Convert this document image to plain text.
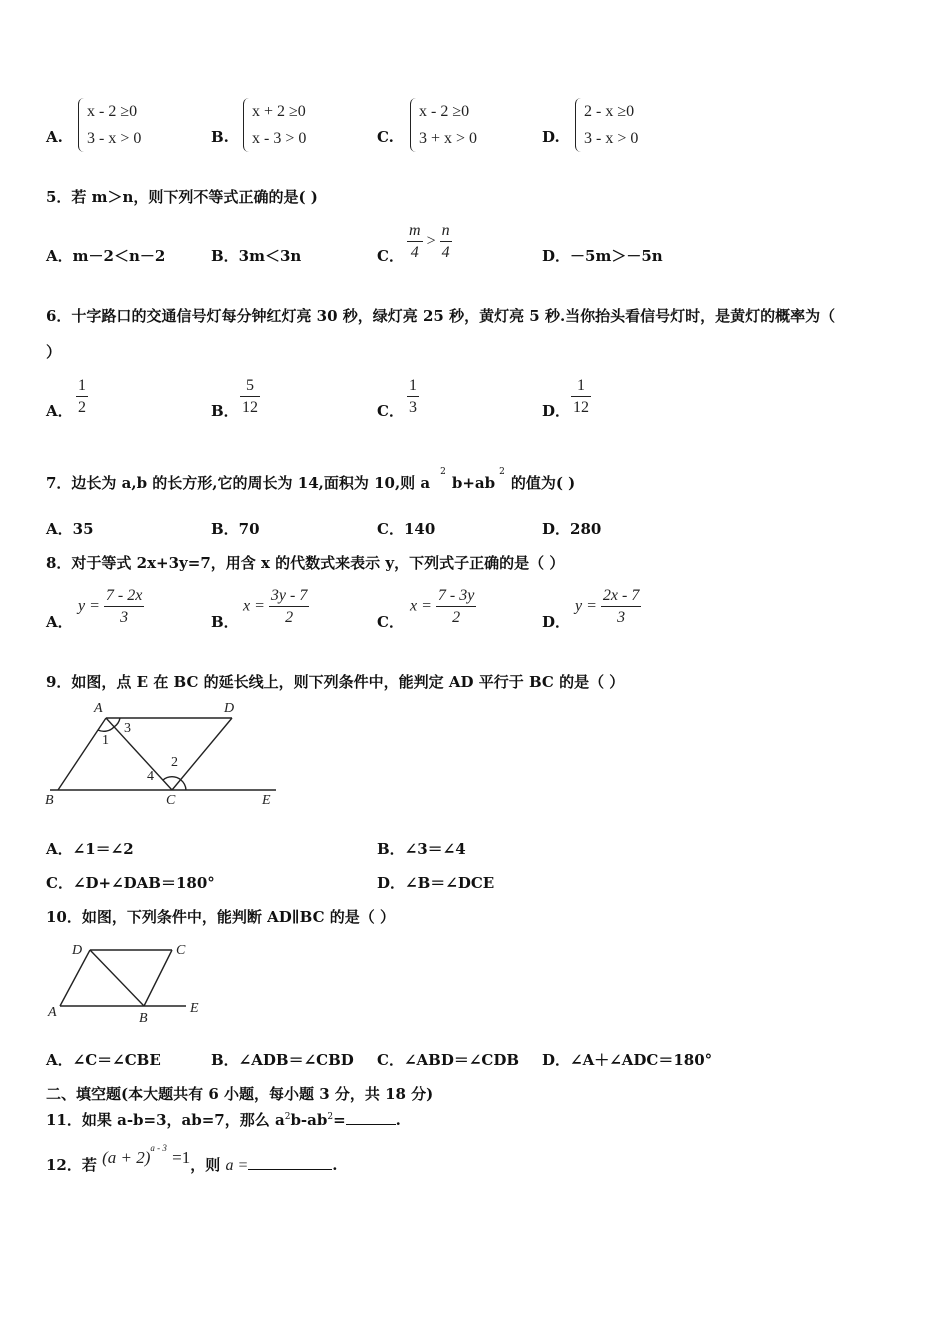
A.
x - 2 ≥0
3 - x > 0	B.
x + 2 ≥0
x - 3 > 0	C.
x - 2 ≥0
3 + x > 0	D.
2 - x ≥0
3 - x > 0
5．若 m＞n，则下列不等式正确的是( )
A．m－2＜n－2	B．3m＜3n	C． $\frac{m}{4} > \frac{n}{4}$	D．－5m＞－5n
6．十字路口的交通信号灯每分钟红灯亮 30 秒，绿灯亮 25 秒，黄灯亮 5 秒.当你抬头看信号灯时，是黄灯的概率为（
）
A． $\frac{1}{2}$	B． $\frac{5}{12}$	C． $\frac{1}{3}$	D． $\frac{1}{12}$
7．边长为 a,b 的长方形,它的周长为 14,面积为 10,则 $a^2b+ab^2$的值为( )
A．35	B．70	C．140	D．280
8．对于等式 2x+3y=7，用含 x 的代数式来表示 y，下列式子正确的是（ ）
A．
$y = \frac{7 - 2x}{3}$	B．
$x = \frac{3y - 7}{2}$	C．
$x = \frac{7 - 3y}{2}$	D．
$y = \frac{2x - 7}{3}$
9．如图，点 E 在 BC 的延长线上，则下列条件中，能判定 AD 平行于 BC 的是（ ）
A	D
1
3
2
4
B	C	E
A．∠1＝∠2	B．∠3＝∠4
C．∠D+∠DAB＝180°	D．∠B＝∠DCE
10．如图，下列条件中，能判断 AD∥BC 的是（ ）
D	C
A	B
E
A．∠C＝∠CBE	B．∠ADB＝∠CBD C．∠ABD＝∠CDB D．∠A＋∠ADC＝180°
二、填空题(本大题共有 6 小题，每小题 3 分，共 18 分)
11．如果 a-b=3，ab=7，那么 $a^2b-ab^2=$	.
12．若 $(a + 2)^{a - 3} =1$，则 a =	.
